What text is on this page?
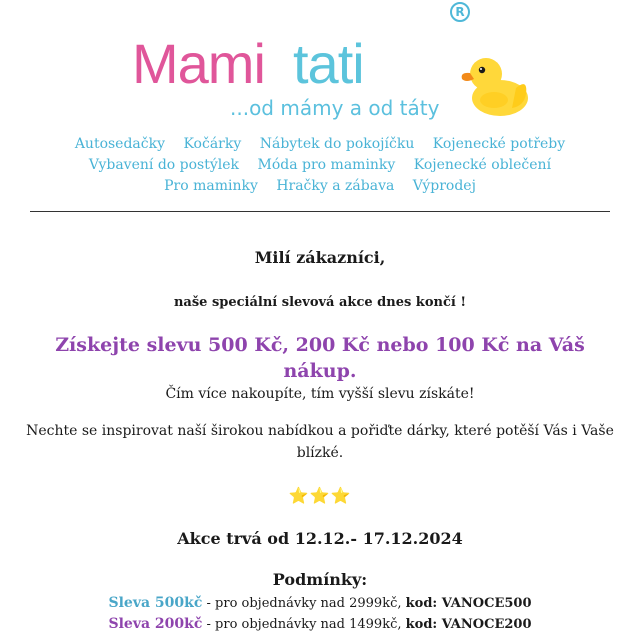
Mami tati
...od mámy a od táty
R
Autosedačky Kočárky Nábytek do pokojíčku Kojenecké potřeby
Vybavení do postýlek Móda pro maminky Kojenecké oblečení
Pro maminky Hračky a zábava Výprodej

Milí zákazníci,

naše speciální slevová akce dnes končí !

Získejte slevu 500 Kč, 200 Kč nebo 100 Kč na Váš nákup.

Čím více nakoupíte, tím vyšší slevu získáte!

Nechte se inspirovat naší širokou nabídkou a pořiďte dárky, které potěší Vás i Vaše blízké.

⭐⭐⭐

Akce trvá od 12.12.- 17.12.2024

Podmínky:

Sleva 500kč - pro objednávky nad 2999kč, kod: VANOCE500
Sleva 200kč - pro objednávky nad 1499kč, kod: VANOCE200
